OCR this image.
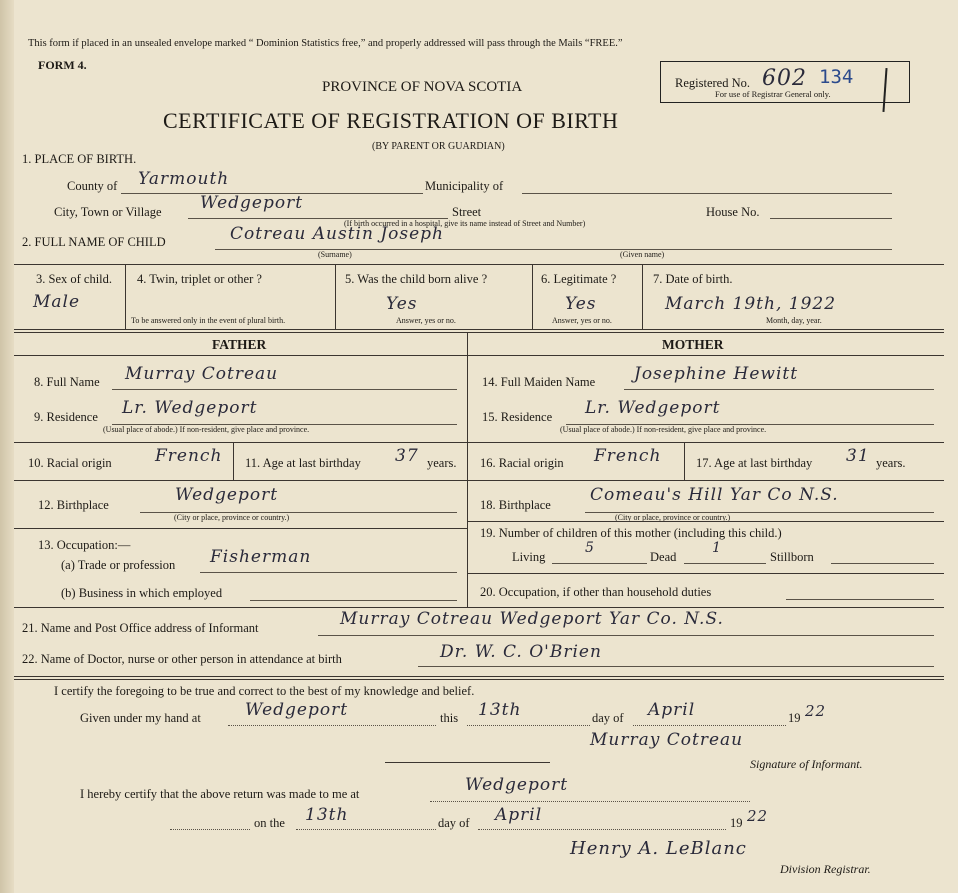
This form if placed in an unsealed envelope marked “ Dominion Statistics free,” and properly addressed will pass through the Mails “FREE.”
FORM 4.
PROVINCE OF NOVA SCOTIA
CERTIFICATE OF REGISTRATION OF BIRTH
(BY PARENT OR GUARDIAN)
Registered No. 602 134
For use of Registrar General only.
1. PLACE OF BIRTH.
County of Yarmouth	Municipality of
City, Town or Village Wedgeport	Street
(If birth occurred in a hospital, give its name instead of Street and Number)
House No.
2. FULL NAME OF CHILD	Cotreau Austin Joseph
(Surname)	(Given name)
3. Sex of child.
Male
4. Twin, triplet or other ?
To be answered only in the event of plural birth.
5. Was the child born alive ?
Yes
Answer, yes or no.
6. Legitimate ?
Yes
Answer, yes or no.
7. Date of birth.
March 19th, 1922
Month, day, year.
FATHER	MOTHER
8. Full Name Murray Cotreau
9. Residence Lr. Wedgeport
(Usual place of abode.) If non-resident, give place and province.
10. Racial origin	French 11. Age at last birthday 37 years.
12. Birthplace	Wedgeport
(City or place, province or country.)
13. Occupation:—
(a) Trade or profession Fisherman
(b) Business in which employed
14. Full Maiden Name Josephine Hewitt
15. Residence Lr. Wedgeport
(Usual place of abode.) If non-resident, give place and province.
16. Racial origin French	17. Age at last birthday 31 years.
18. Birthplace Comeau's Hill Yar Co N.S.
(City or place, province or country.)
19. Number of children of this mother (including this child.)
Living
5
Dead
1
Stillborn
20. Occupation, if other than household duties
21. Name and Post Office address of Informant	Murray Cotreau Wedgeport Yar Co. N.S.
22. Name of Doctor, nurse or other person in attendance at birth	Dr. W. C. O'Brien
I certify the foregoing to be true and correct to the best of my knowledge and belief.
Given under my hand at	Wedgeport	this 13th	day of April	19 22
Murray Cotreau
Signature of Informant.
I hereby certify that the above return was made to me at	Wedgeport
on the 13th	day of April	19 22
Henry A. LeBlanc
Division Registrar.
